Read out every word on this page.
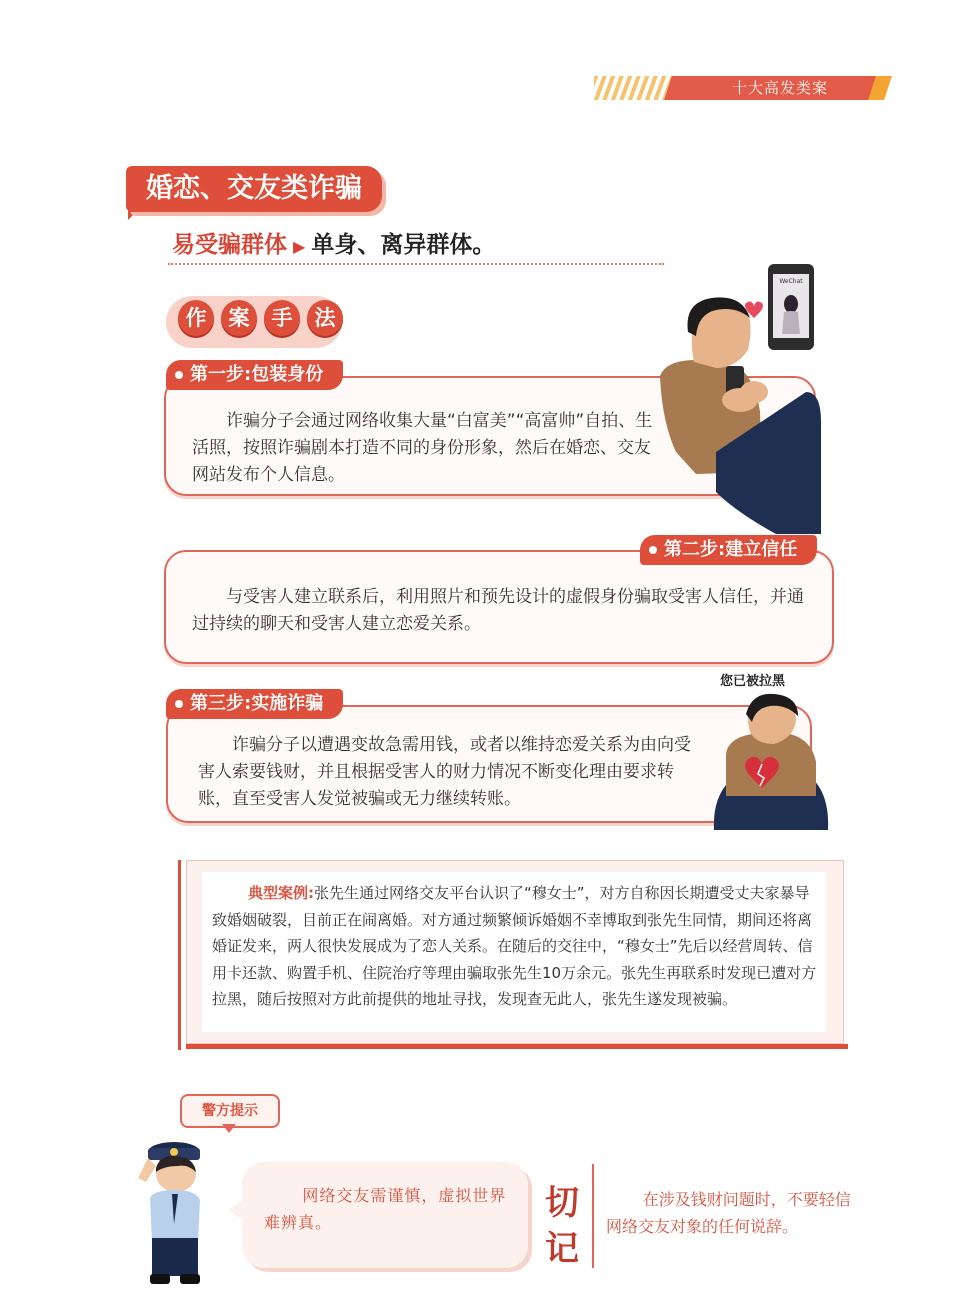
十大高发类案
婚恋、交友类诈骗
易受骗群体 ▶ 单身、离异群体。
作	案	手	法
第一步:包装身份

诈骗分子会通过网络收集大量“白富美”“高富帅”自拍、生活照，按照诈骗剧本打造不同的身份形象，然后在婚恋、交友网站发布个人信息。

WeChat
第二步:建立信任

与受害人建立联系后，利用照片和预先设计的虚假身份骗取受害人信任，并通过持续的聊天和受害人建立恋爱关系。

您已被拉黑
第三步:实施诈骗

诈骗分子以遭遇变故急需用钱，或者以维持恋爱关系为由向受害人索要钱财，并且根据受害人的财力情况不断变化理由要求转账，直至受害人发觉被骗或无力继续转账。

典型案例:张先生通过网络交友平台认识了“穆女士”，对方自称因长期遭受丈夫家暴导致婚姻破裂，目前正在闹离婚。对方通过频繁倾诉婚姻不幸博取到张先生同情，期间还将离婚证发来，两人很快发展成为了恋人关系。在随后的交往中，“穆女士”先后以经营周转、信用卡还款、购置手机、住院治疗等理由骗取张先生10万余元。张先生再联系时发现已遭对方拉黑，随后按照对方此前提供的地址寻找，发现查无此人，张先生遂发现被骗。

警方提示

网络交友需谨慎，虚拟世界难辨真。	切记

在涉及钱财问题时，不要轻信网络交友对象的任何说辞。
